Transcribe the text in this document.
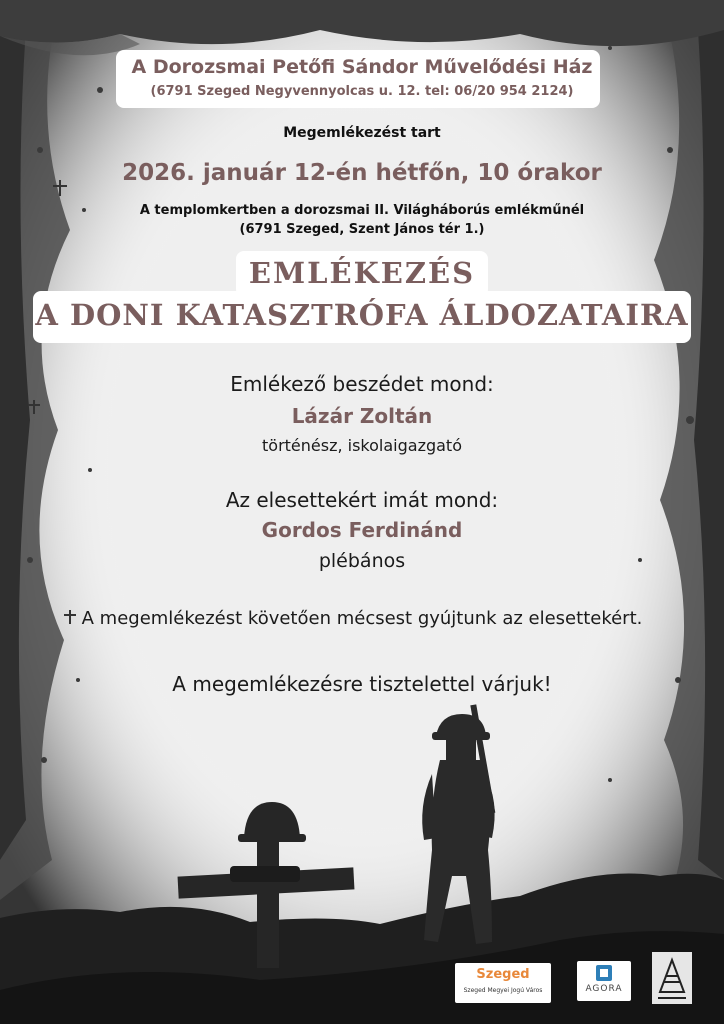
A Dorozsmai Petőfi Sándor Művelődési Ház
(6791 Szeged Negyvennyolcas u. 12. tel: 06/20 954 2124)
Megemlékezést tart
2026. január 12-én hétfőn, 10 órakor
A templomkertben a dorozsmai II. Világháborús emlékműnél
(6791 Szeged, Szent János tér 1.)
EMLÉKEZÉS
A DONI KATASZTRÓFA ÁLDOZATAIRA
Emlékező beszédet mond:
Lázár Zoltán
történész, iskolaigazgató
Az elesettekért imát mond:
Gordos Ferdinánd
plébános
A megemlékezést követően mécsest gyújtunk az elesettekért.
A megemlékezésre tisztelettel várjuk!
Szeged
Szeged Megyei Jogú Város	AGORA
